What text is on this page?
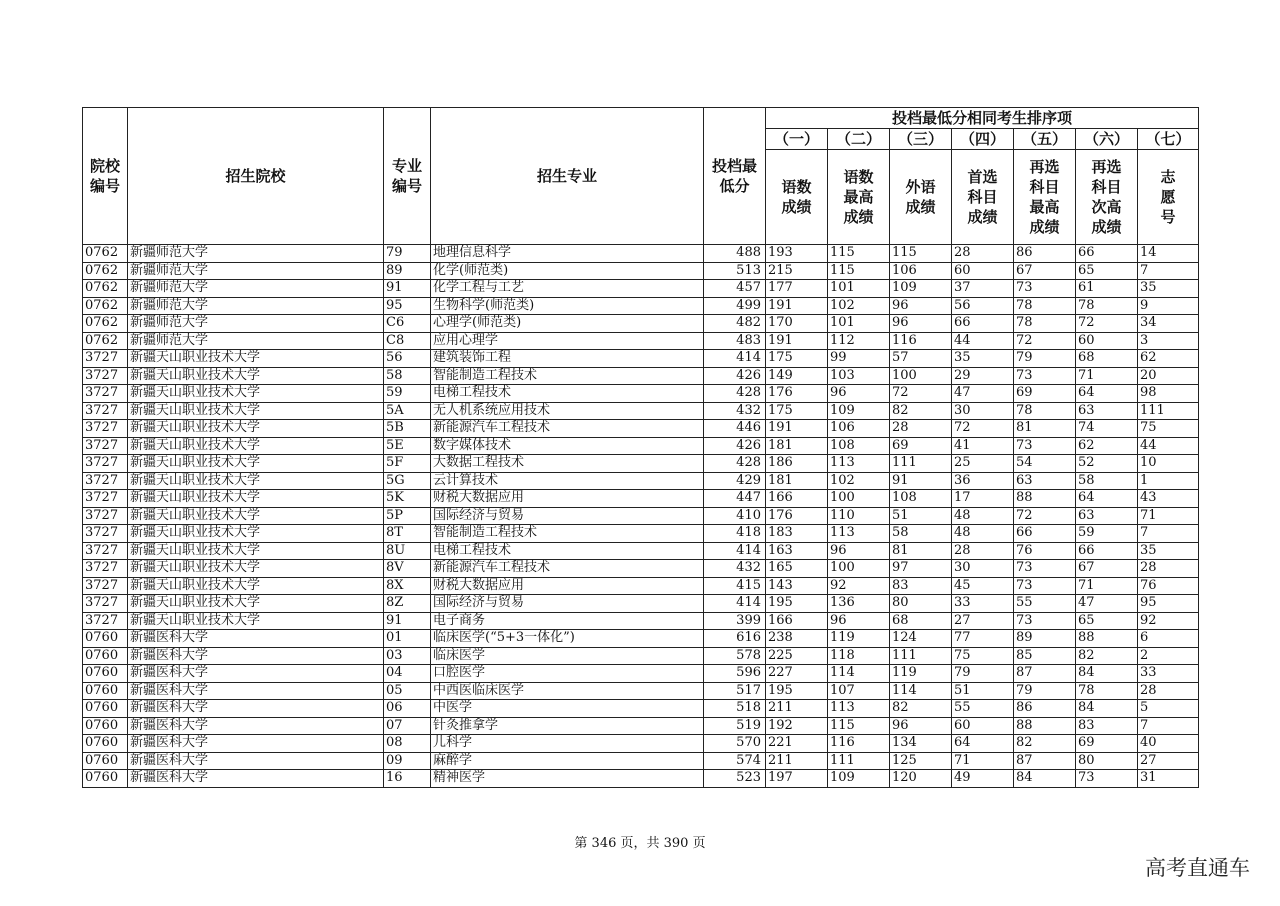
院校编号	招生院校	专业编号	招生专业	投档最低分	投档最低分相同考生排序项						
					（一）	（二）	（三）	（四）	（五）	（六）	（七）
					语数成绩	语数最高成绩	外语成绩	首选科目成绩	再选科目最高成绩	再选科目次高成绩	志愿号
0762	新疆师范大学	79	地理信息科学	488	193	115	115	28	86	66	14
0762	新疆师范大学	89	化学(师范类)	513	215	115	106	60	67	65	7
0762	新疆师范大学	91	化学工程与工艺	457	177	101	109	37	73	61	35
0762	新疆师范大学	95	生物科学(师范类)	499	191	102	96	56	78	78	9
0762	新疆师范大学	C6	心理学(师范类)	482	170	101	96	66	78	72	34
0762	新疆师范大学	C8	应用心理学	483	191	112	116	44	72	60	3
3727	新疆天山职业技术大学	56	建筑装饰工程	414	175	99	57	35	79	68	62
3727	新疆天山职业技术大学	58	智能制造工程技术	426	149	103	100	29	73	71	20
3727	新疆天山职业技术大学	59	电梯工程技术	428	176	96	72	47	69	64	98
3727	新疆天山职业技术大学	5A	无人机系统应用技术	432	175	109	82	30	78	63	111
3727	新疆天山职业技术大学	5B	新能源汽车工程技术	446	191	106	28	72	81	74	75
3727	新疆天山职业技术大学	5E	数字媒体技术	426	181	108	69	41	73	62	44
3727	新疆天山职业技术大学	5F	大数据工程技术	428	186	113	111	25	54	52	10
3727	新疆天山职业技术大学	5G	云计算技术	429	181	102	91	36	63	58	1
3727	新疆天山职业技术大学	5K	财税大数据应用	447	166	100	108	17	88	64	43
3727	新疆天山职业技术大学	5P	国际经济与贸易	410	176	110	51	48	72	63	71
3727	新疆天山职业技术大学	8T	智能制造工程技术	418	183	113	58	48	66	59	7
3727	新疆天山职业技术大学	8U	电梯工程技术	414	163	96	81	28	76	66	35
3727	新疆天山职业技术大学	8V	新能源汽车工程技术	432	165	100	97	30	73	67	28
3727	新疆天山职业技术大学	8X	财税大数据应用	415	143	92	83	45	73	71	76
3727	新疆天山职业技术大学	8Z	国际经济与贸易	414	195	136	80	33	55	47	95
3727	新疆天山职业技术大学	91	电子商务	399	166	96	68	27	73	65	92
0760	新疆医科大学	01	临床医学(“5+3一体化”)	616	238	119	124	77	89	88	6
0760	新疆医科大学	03	临床医学	578	225	118	111	75	85	82	2
0760	新疆医科大学	04	口腔医学	596	227	114	119	79	87	84	33
0760	新疆医科大学	05	中西医临床医学	517	195	107	114	51	79	78	28
0760	新疆医科大学	06	中医学	518	211	113	82	55	86	84	5
0760	新疆医科大学	07	针灸推拿学	519	192	115	96	60	88	83	7
0760	新疆医科大学	08	儿科学	570	221	116	134	64	82	69	40
0760	新疆医科大学	09	麻醉学	574	211	111	125	71	87	80	27
0760	新疆医科大学	16	精神医学	523	197	109	120	49	84	73	31
第 346 页，共 390 页
高考直通车
